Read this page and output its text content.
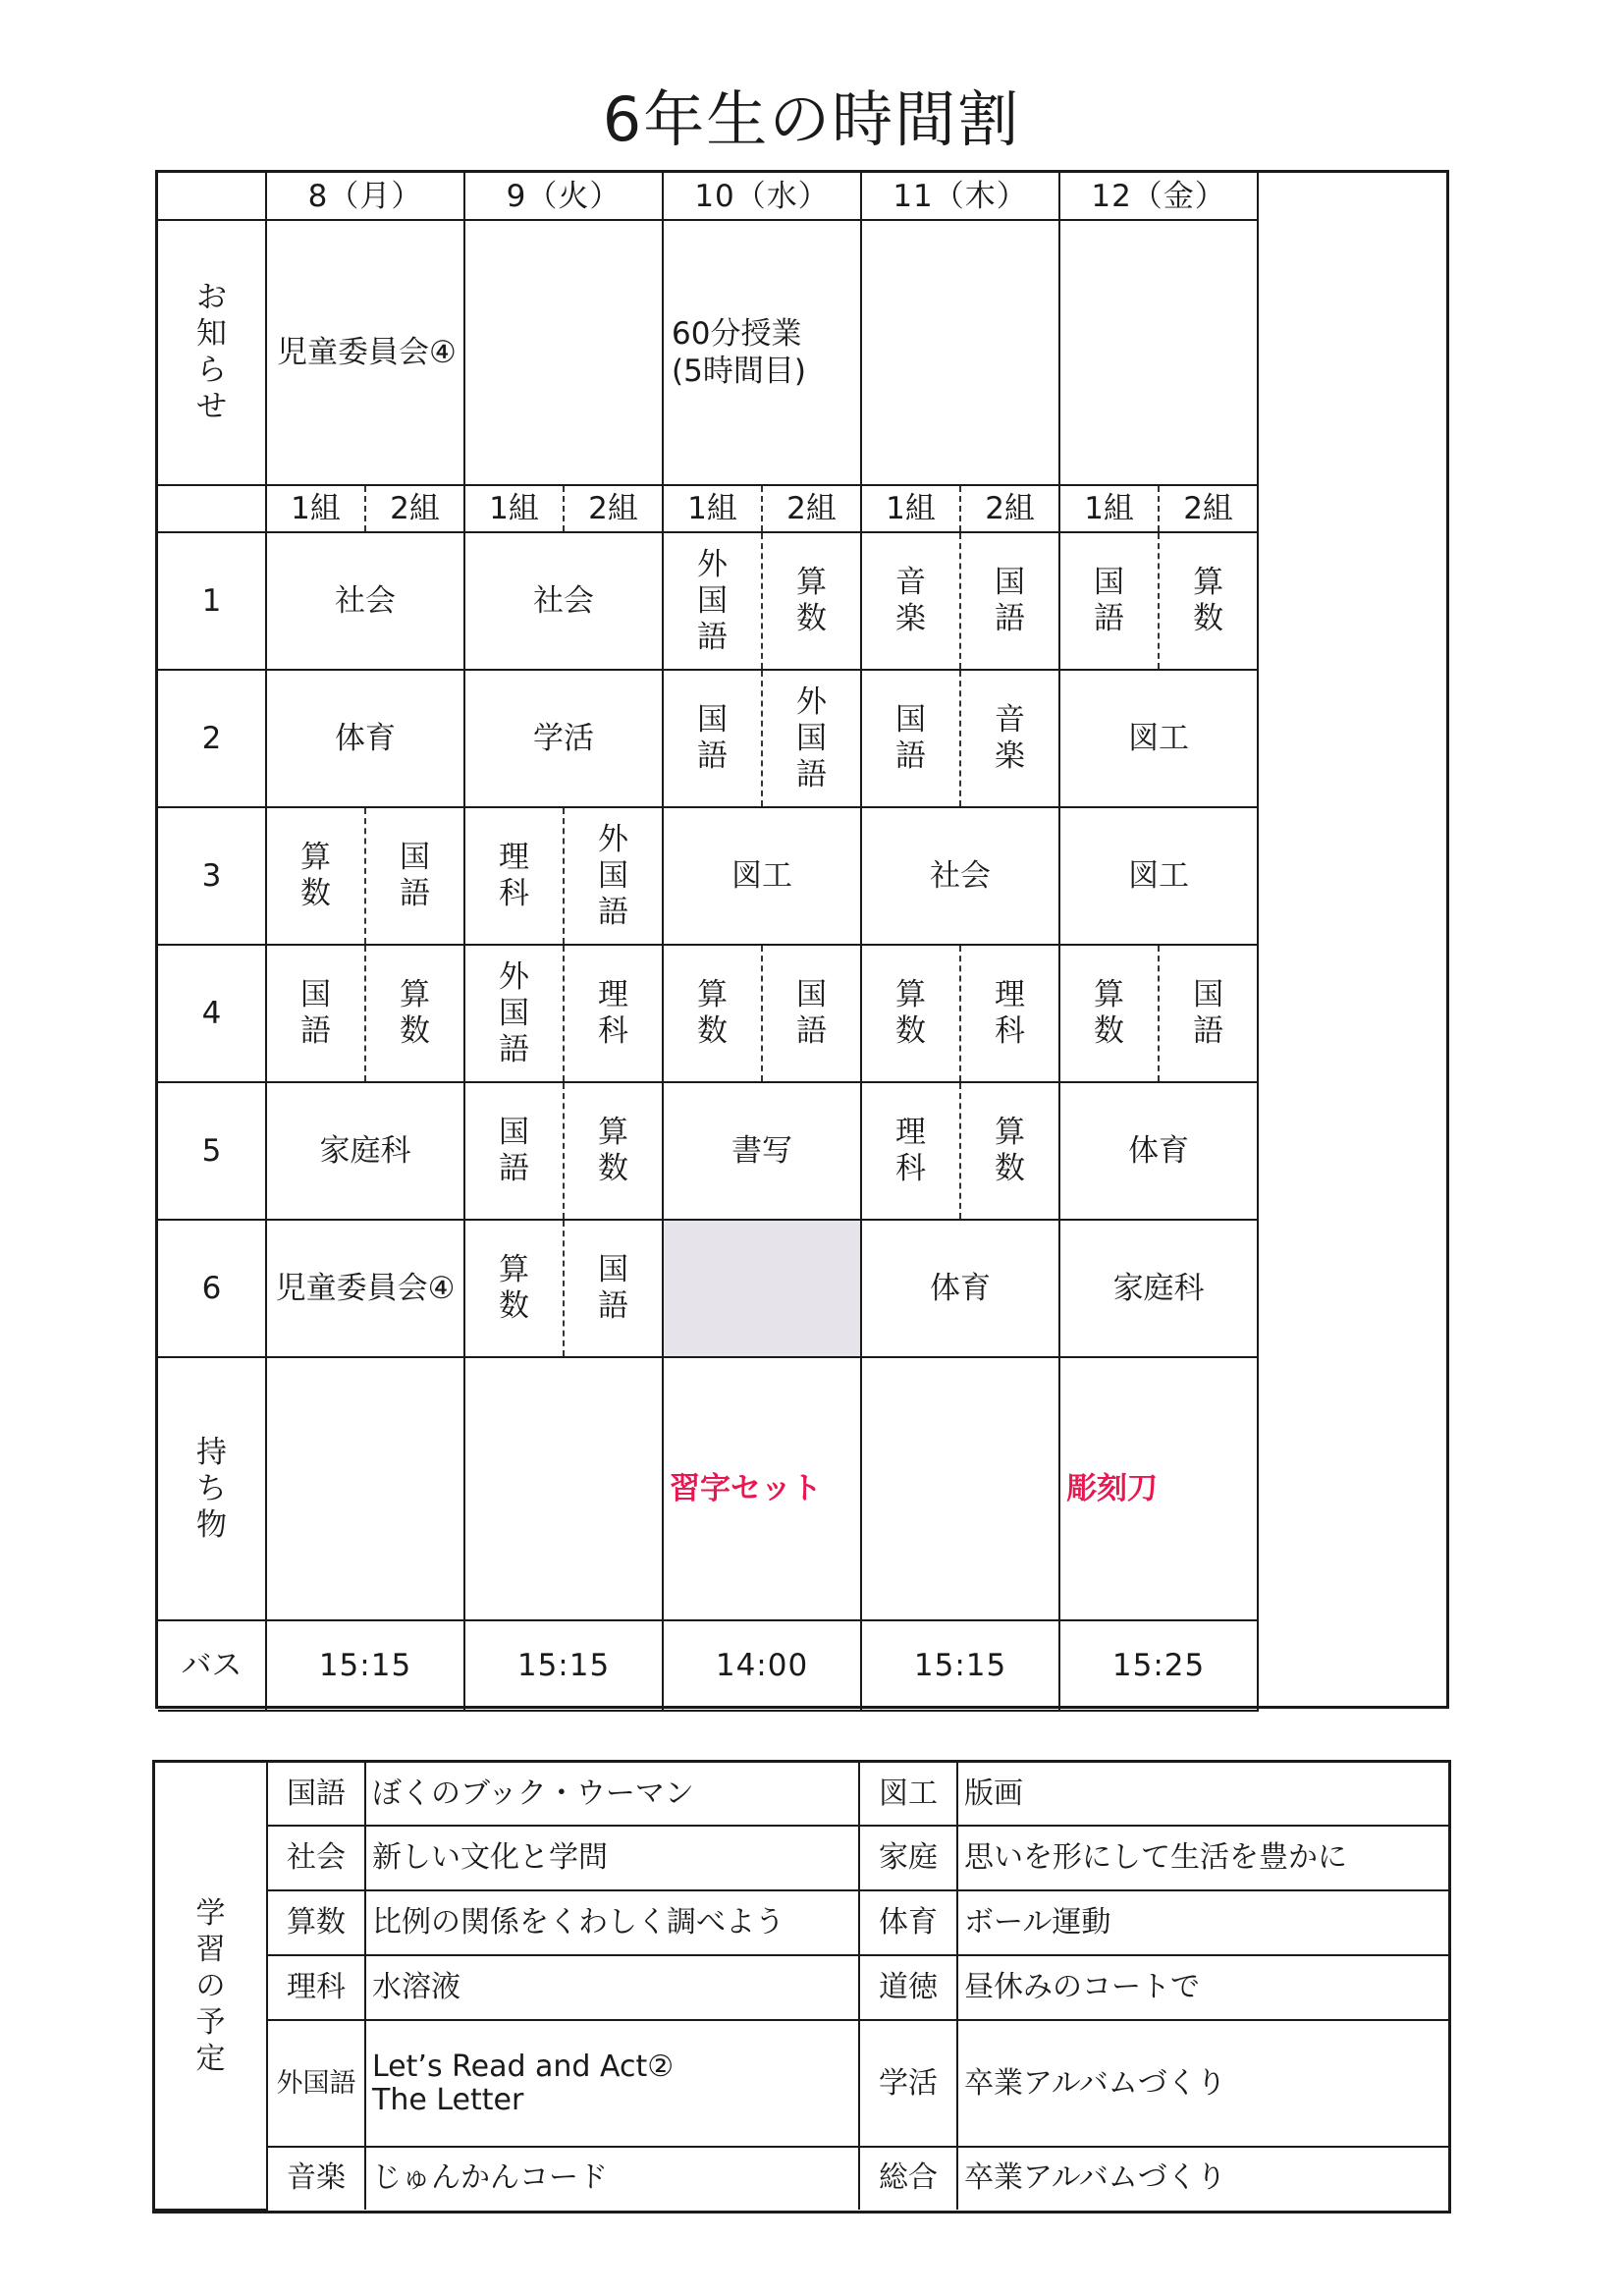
6年生の時間割
	8（月）		9（火）		10（水）		11（木）		12（金）	
お知らせ	児童委員会④				60分授業
(5時間目)					

	1組	2組	1組	2組	1組	2組	1組	2組	1組	2組
1	社会		社会		外国語	算数	音楽	国語	国語	算数
2	体育		学活		国語	外国語	国語	音楽	図工	
3	算数	国語	理科	外国語	図工		社会		図工	
4	国語	算数	外国語	理科	算数	国語	算数	理科	算数	国語
5	家庭科		国語	算数	書写		理科	算数	体育	
6	児童委員会④		算数	国語			体育		家庭科	
持ち物					習字セット				彫刻刀	
バス	15:15		15:15		14:00		15:15		15:25	
学習の予定	国語	ぼくのブック・ウーマン	図工	版画
	社会	新しい文化と学問	家庭	思いを形にして生活を豊かに
	算数	比例の関係をくわしく調べよう	体育	ボール運動
	理科	水溶液	道徳	昼休みのコートで
	外国語	Let’s Read and Act②
The Letter	学活	卒業アルバムづくり
	音楽	じゅんかんコード	総合	卒業アルバムづくり
